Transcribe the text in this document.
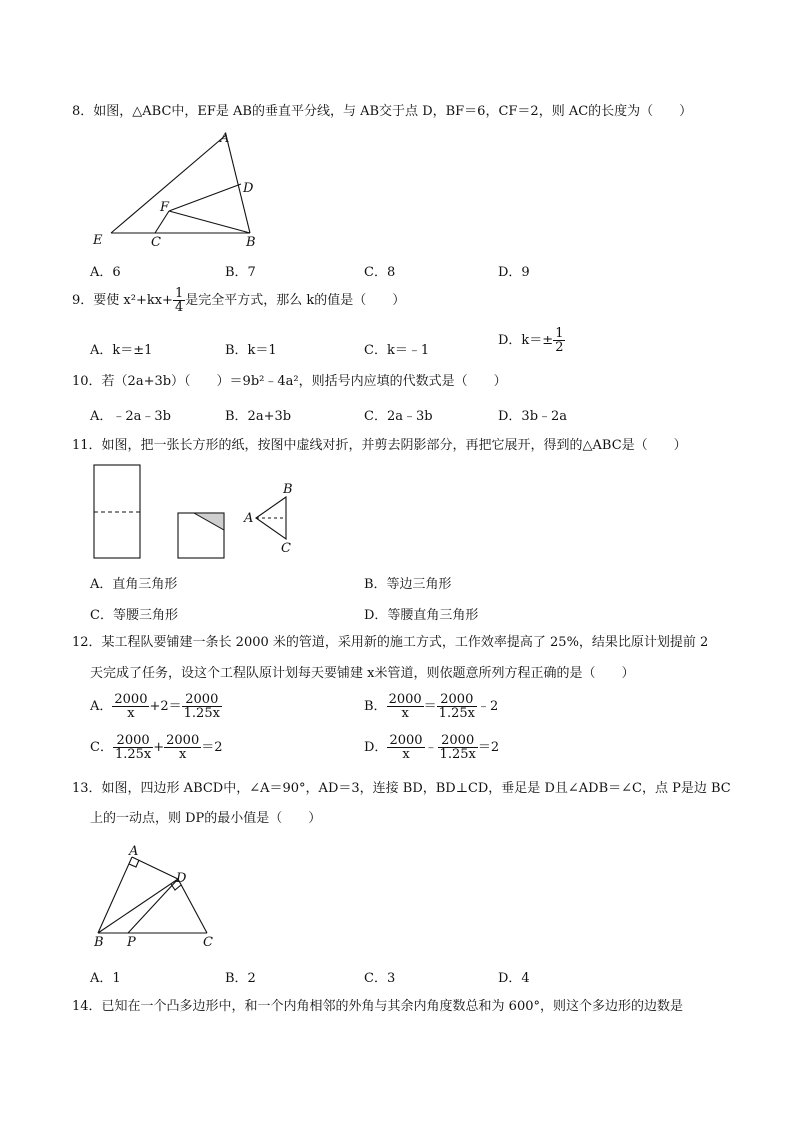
8．如图，△ABC中，EF是 AB的垂直平分线，与 AB交于点 D，BF＝6，CF＝2，则 AC的长度为（　　）
A
D
F
E	C	B
A．6	B．7	C．8	D．9
9．要使 $x^2+kx+ \frac{1}{4}$ 是完全平方式，那么 k的值是（　　）
A．k＝±1	B．k＝1	C．k＝﹣1
D．$k=\pm \frac{1}{2}$
10．若（2a+3b）（　　）＝9b²﹣4a²，则括号内应填的代数式是（　　）
A．﹣2a﹣3b	B．2a+3b	C．2a﹣3b	D．3b﹣2a
11．如图，把一张长方形的纸，按图中虚线对折，并剪去阴影部分，再把它展开，得到的△ABC是（　　）
B
A
C
A．直角三角形	B．等边三角形
C．等腰三角形	D．等腰直角三角形
12．某工程队要铺建一条长 2000 米的管道，采用新的施工方式，工作效率提高了 25%，结果比原计划提前 2
天完成了任务，设这个工程队原计划每天要铺建 x米管道，则依题意所列方程正确的是（　　）
A． $\frac{2000}{x} +2= \frac{2000}{1.25x}$	B． $\frac{2000}{x} = \frac{2000}{1.25x}$ ﹣2
C． $\frac{2000}{1.25x} + \frac{2000}{x} =2$	D． $\frac{2000}{x}$ ﹣ $\frac{2000}{1.25x} =2$
13．如图，四边形 ABCD中，∠A＝90°，AD＝3，连接 BD，BD⊥CD，垂足是 D且∠ADB＝∠C，点 P是边 BC
上的一动点，则 DP的最小值是（　　）
A
D
B P	C
A．1	B．2	C．3	D．4
14．已知在一个凸多边形中，和一个内角相邻的外角与其余内角度数总和为 600°，则这个多边形的边数是
